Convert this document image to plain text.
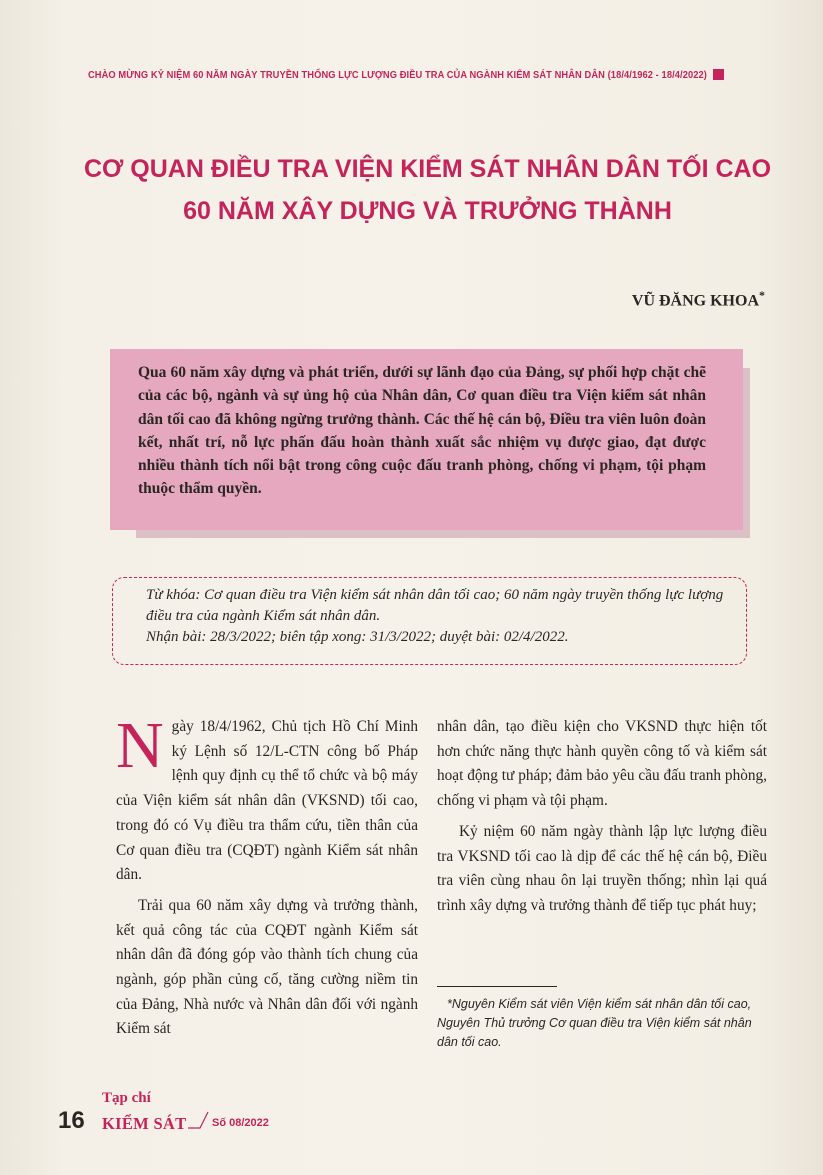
CHÀO MỪNG KỶ NIỆM 60 NĂM NGÀY TRUYỀN THỐNG LỰC LƯỢNG ĐIỀU TRA CỦA NGÀNH KIỂM SÁT NHÂN DÂN (18/4/1962 - 18/4/2022)
CƠ QUAN ĐIỀU TRA VIỆN KIỂM SÁT NHÂN DÂN TỐI CAO
60 NĂM XÂY DỰNG VÀ TRƯỞNG THÀNH
VŨ ĐĂNG KHOA*
Qua 60 năm xây dựng và phát triển, dưới sự lãnh đạo của Đảng, sự phối hợp chặt chẽ của các bộ, ngành và sự ủng hộ của Nhân dân, Cơ quan điều tra Viện kiểm sát nhân dân tối cao đã không ngừng trưởng thành. Các thế hệ cán bộ, Điều tra viên luôn đoàn kết, nhất trí, nỗ lực phấn đấu hoàn thành xuất sắc nhiệm vụ được giao, đạt được nhiều thành tích nổi bật trong công cuộc đấu tranh phòng, chống vi phạm, tội phạm thuộc thẩm quyền.
Từ khóa: Cơ quan điều tra Viện kiểm sát nhân dân tối cao; 60 năm ngày truyền thống lực lượng điều tra của ngành Kiểm sát nhân dân.
Nhận bài: 28/3/2022; biên tập xong: 31/3/2022; duyệt bài: 02/4/2022.

Ngày 18/4/1962, Chủ tịch Hồ Chí Minh ký Lệnh số 12/L-CTN công bố Pháp lệnh quy định cụ thể tổ chức và bộ máy của Viện kiểm sát nhân dân (VKSND) tối cao, trong đó có Vụ điều tra thẩm cứu, tiền thân của Cơ quan điều tra (CQĐT) ngành Kiểm sát nhân dân.

Trải qua 60 năm xây dựng và trưởng thành, kết quả công tác của CQĐT ngành Kiểm sát nhân dân đã đóng góp vào thành tích chung của ngành, góp phần củng cố, tăng cường niềm tin của Đảng, Nhà nước và Nhân dân đối với ngành Kiểm sát

nhân dân, tạo điều kiện cho VKSND thực hiện tốt hơn chức năng thực hành quyền công tố và kiểm sát hoạt động tư pháp; đảm bảo yêu cầu đấu tranh phòng, chống vi phạm và tội phạm.

Kỷ niệm 60 năm ngày thành lập lực lượng điều tra VKSND tối cao là dịp để các thế hệ cán bộ, Điều tra viên cùng nhau ôn lại truyền thống; nhìn lại quá trình xây dựng và trưởng thành để tiếp tục phát huy;

*Nguyên Kiểm sát viên Viện kiểm sát nhân dân tối cao, Nguyên Thủ trưởng Cơ quan điều tra Viện kiểm sát nhân dân tối cao.
16
Tạp chí
KIỂM SÁT Số 08/2022
